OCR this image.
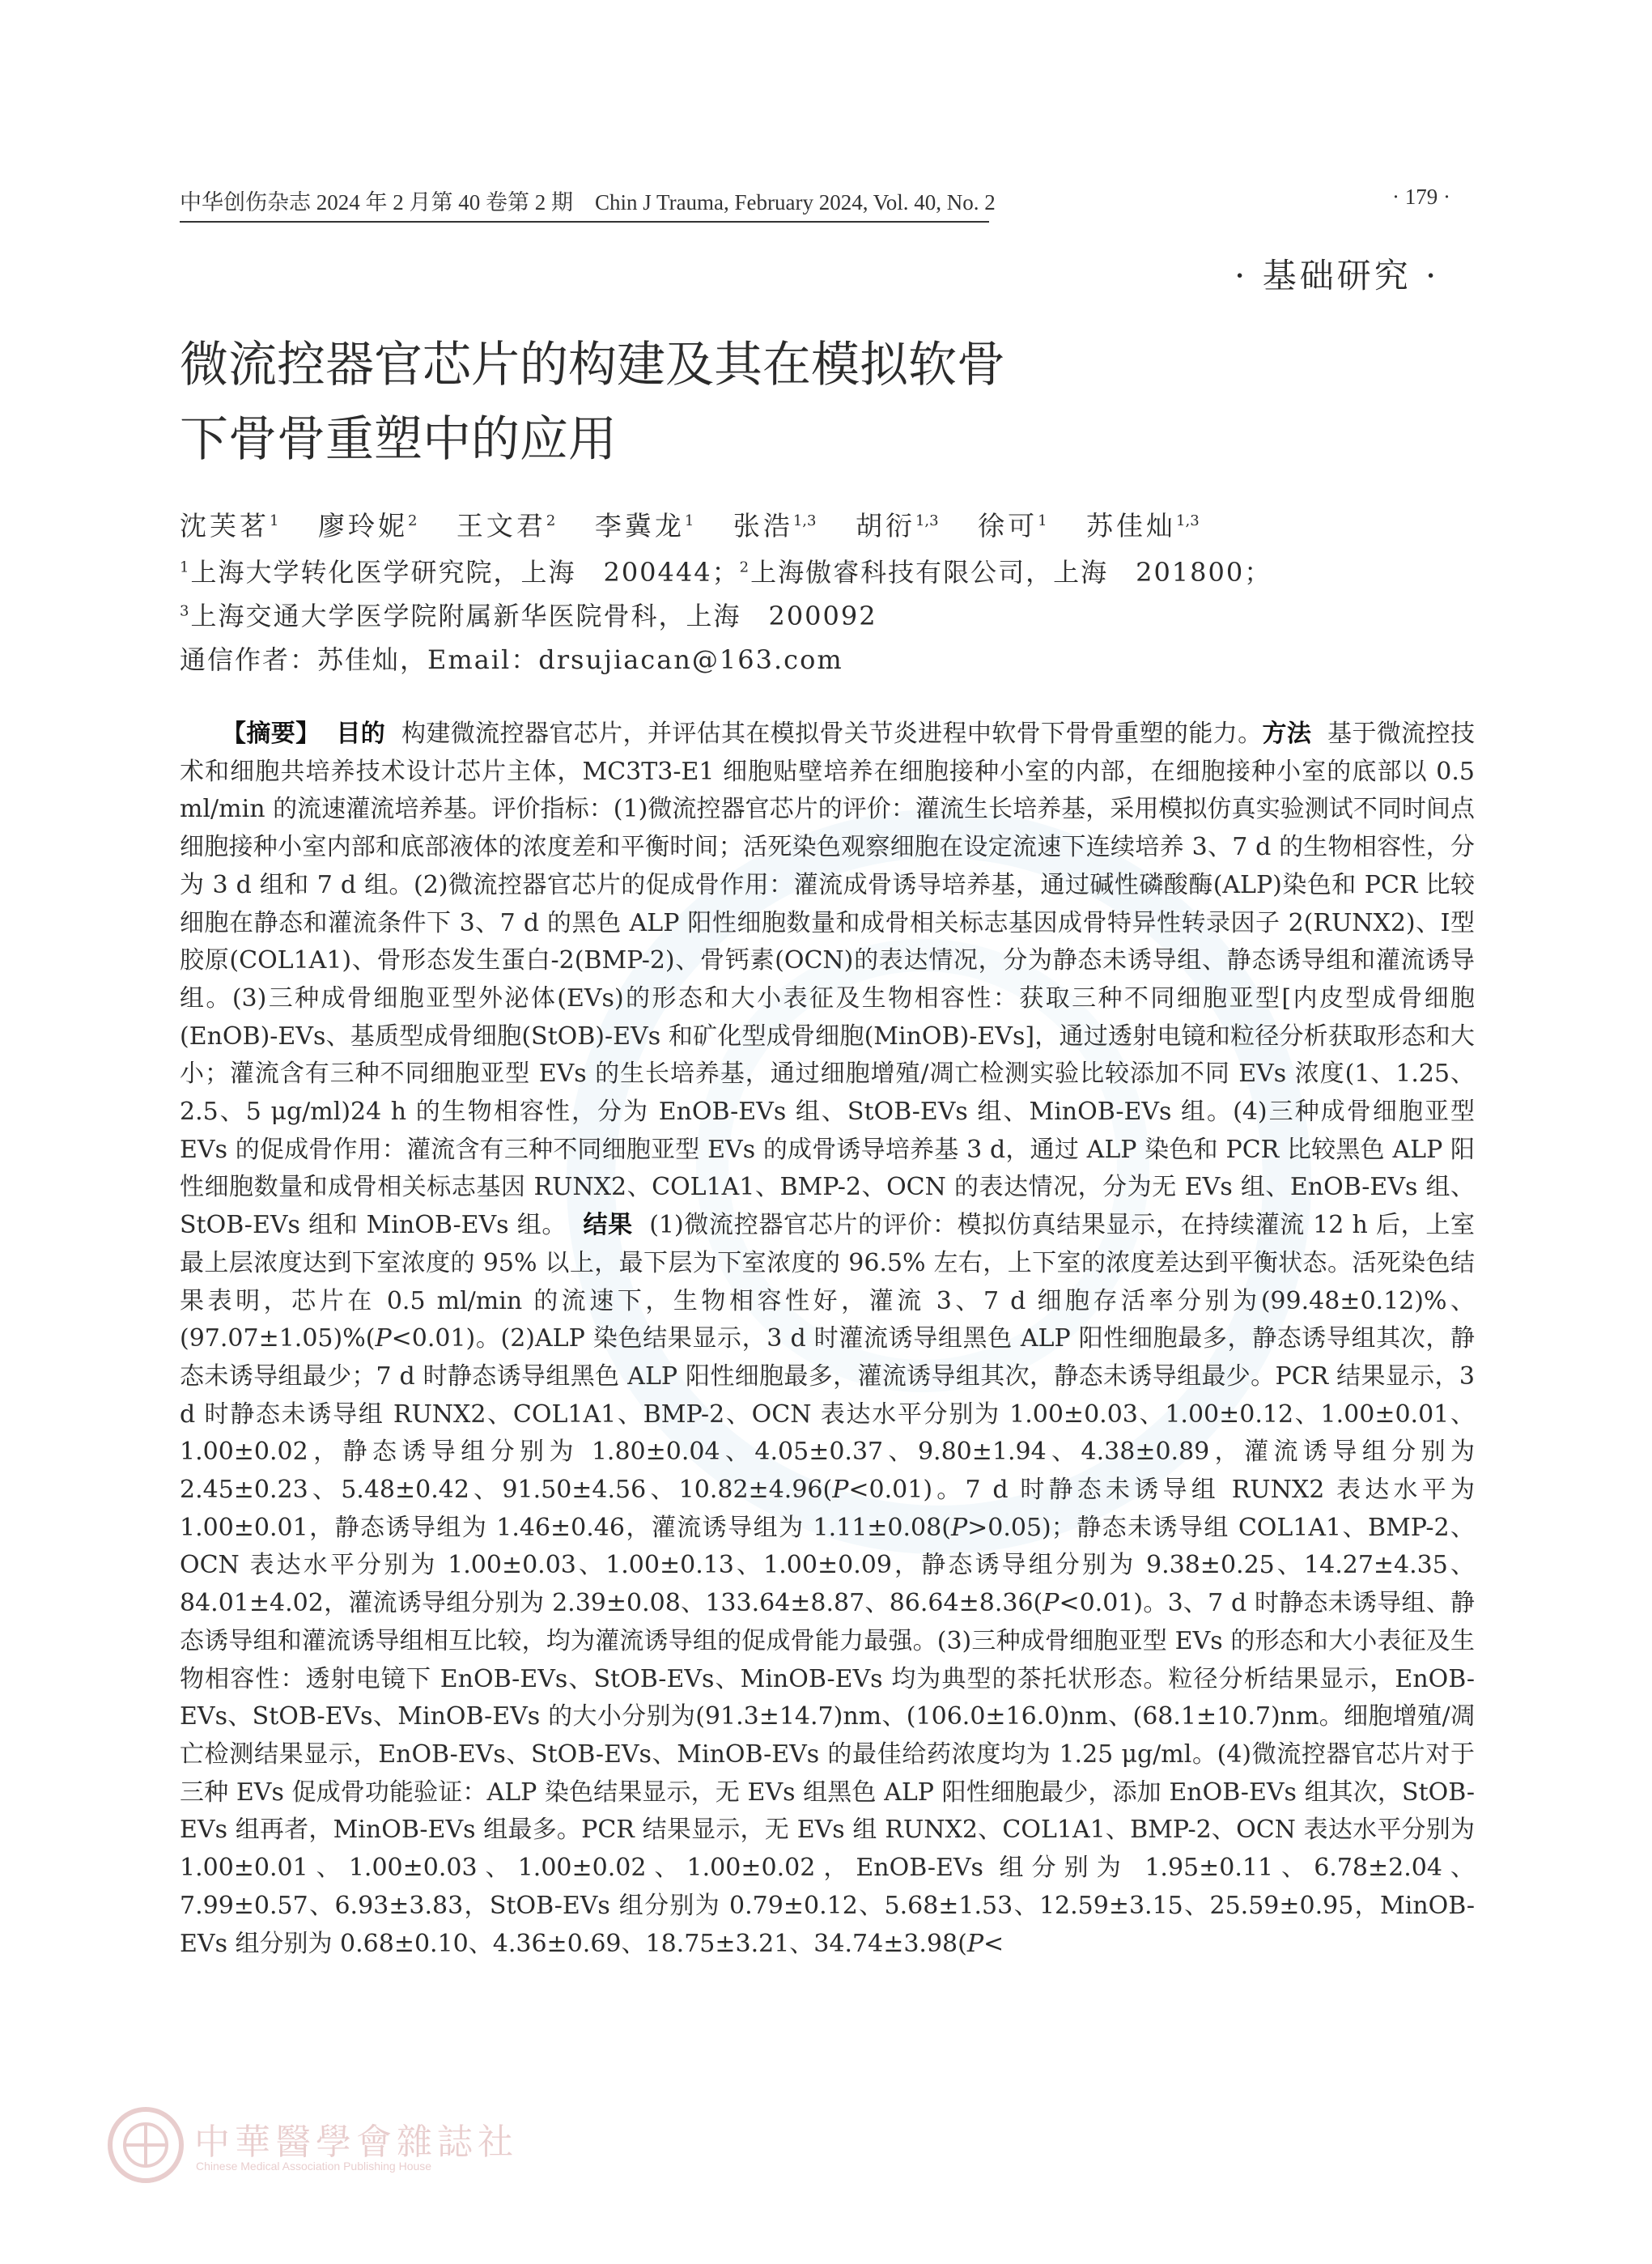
中华创伤杂志 2024 年 2 月第 40 卷第 2 期　Chin J Trauma, February 2024, Vol. 40, No. 2	· 179 ·
· 基础研究 ·
微流控器官芯片的构建及其在模拟软骨
下骨骨重塑中的应用
沈芙茗$^1$ 廖玲妮$^2$ 王文君$^2$ 李冀龙$^1$ 张浩$^{1,3}$ 胡衍$^{1,3}$ 徐可$^1$ 苏佳灿$^{1,3}$
$^1$上海大学转化医学研究院，上海　200444；$^2$上海傲睿科技有限公司，上海　201800；
$^3$上海交通大学医学院附属新华医院骨科，上海　200092
通信作者：苏佳灿，Email：drsujiacan@163.com

【摘要】 目的 构建微流控器官芯片，并评估其在模拟骨关节炎进程中软骨下骨骨重塑的能力。方法 基于微流控技术和细胞共培养技术设计芯片主体，MC3T3-E1 细胞贴壁培养在细胞接种小室的内部，在细胞接种小室的底部以 0.5 ml/min 的流速灌流培养基。评价指标：(1)微流控器官芯片的评价：灌流生长培养基，采用模拟仿真实验测试不同时间点细胞接种小室内部和底部液体的浓度差和平衡时间；活死染色观察细胞在设定流速下连续培养 3、7 d 的生物相容性，分为 3 d 组和 7 d 组。(2)微流控器官芯片的促成骨作用：灌流成骨诱导培养基，通过碱性磷酸酶(ALP)染色和 PCR 比较细胞在静态和灌流条件下 3、7 d 的黑色 ALP 阳性细胞数量和成骨相关标志基因成骨特异性转录因子 2(RUNX2)、Ⅰ型胶原(COL1A1)、骨形态发生蛋白-2(BMP-2)、骨钙素(OCN)的表达情况，分为静态未诱导组、静态诱导组和灌流诱导组。(3)三种成骨细胞亚型外泌体(EVs)的形态和大小表征及生物相容性：获取三种不同细胞亚型[内皮型成骨细胞(EnOB)-EVs、基质型成骨细胞(StOB)-EVs 和矿化型成骨细胞(MinOB)-EVs]，通过透射电镜和粒径分析获取形态和大小；灌流含有三种不同细胞亚型 EVs 的生长培养基，通过细胞增殖/凋亡检测实验比较添加不同 EVs 浓度(1、1.25、2.5、5 μg/ml)24 h 的生物相容性，分为 EnOB-EVs 组、StOB-EVs 组、MinOB-EVs 组。(4)三种成骨细胞亚型 EVs 的促成骨作用：灌流含有三种不同细胞亚型 EVs 的成骨诱导培养基 3 d，通过 ALP 染色和 PCR 比较黑色 ALP 阳性细胞数量和成骨相关标志基因 RUNX2、COL1A1、BMP-2、OCN 的表达情况，分为无 EVs 组、EnOB-EVs 组、StOB-EVs 组和 MinOB-EVs 组。 结果 (1)微流控器官芯片的评价：模拟仿真结果显示，在持续灌流 12 h 后，上室最上层浓度达到下室浓度的 95% 以上，最下层为下室浓度的 96.5% 左右，上下室的浓度差达到平衡状态。活死染色结果表明，芯片在 0.5 ml/min 的流速下，生物相容性好，灌流 3、7 d 细胞存活率分别为(99.48±0.12)%、(97.07±1.05)%(P<0.01)。(2)ALP 染色结果显示，3 d 时灌流诱导组黑色 ALP 阳性细胞最多，静态诱导组其次，静态未诱导组最少；7 d 时静态诱导组黑色 ALP 阳性细胞最多，灌流诱导组其次，静态未诱导组最少。PCR 结果显示，3 d 时静态未诱导组 RUNX2、COL1A1、BMP-2、OCN 表达水平分别为 1.00±0.03、1.00±0.12、1.00±0.01、1.00±0.02，静态诱导组分别为 1.80±0.04、4.05±0.37、9.80±1.94、4.38±0.89，灌流诱导组分别为 2.45±0.23、5.48±0.42、91.50±4.56、10.82±4.96(P<0.01)。7 d 时静态未诱导组 RUNX2 表达水平为 1.00±0.01，静态诱导组为 1.46±0.46，灌流诱导组为 1.11±0.08(P>0.05)；静态未诱导组 COL1A1、BMP-2、OCN 表达水平分别为 1.00±0.03、1.00±0.13、1.00±0.09，静态诱导组分别为 9.38±0.25、14.27±4.35、84.01±4.02，灌流诱导组分别为 2.39±0.08、133.64±8.87、86.64±8.36(P<0.01)。3、7 d 时静态未诱导组、静态诱导组和灌流诱导组相互比较，均为灌流诱导组的促成骨能力最强。(3)三种成骨细胞亚型 EVs 的形态和大小表征及生物相容性：透射电镜下 EnOB-EVs、StOB-EVs、MinOB-EVs 均为典型的茶托状形态。粒径分析结果显示，EnOB-EVs、StOB-EVs、MinOB-EVs 的大小分别为(91.3±14.7)nm、(106.0±16.0)nm、(68.1±10.7)nm。细胞增殖/凋亡检测结果显示，EnOB-EVs、StOB-EVs、MinOB-EVs 的最佳给药浓度均为 1.25 μg/ml。(4)微流控器官芯片对于三种 EVs 促成骨功能验证：ALP 染色结果显示，无 EVs 组黑色 ALP 阳性细胞最少，添加 EnOB-EVs 组其次，StOB-EVs 组再者，MinOB-EVs 组最多。PCR 结果显示，无 EVs 组 RUNX2、COL1A1、BMP-2、OCN 表达水平分别为 1.00±0.01、1.00±0.03、1.00±0.02、1.00±0.02，EnOB-EVs 组分别为 1.95±0.11、6.78±2.04、7.99±0.57、6.93±3.83，StOB-EVs 组分别为 0.79±0.12、5.68±1.53、12.59±3.15、25.59±0.95，MinOB-EVs 组分别为 0.68±0.10、4.36±0.69、18.75±3.21、34.74±3.98(P<

中華醫學會雜誌社
Chinese Medical Association Publishing House
